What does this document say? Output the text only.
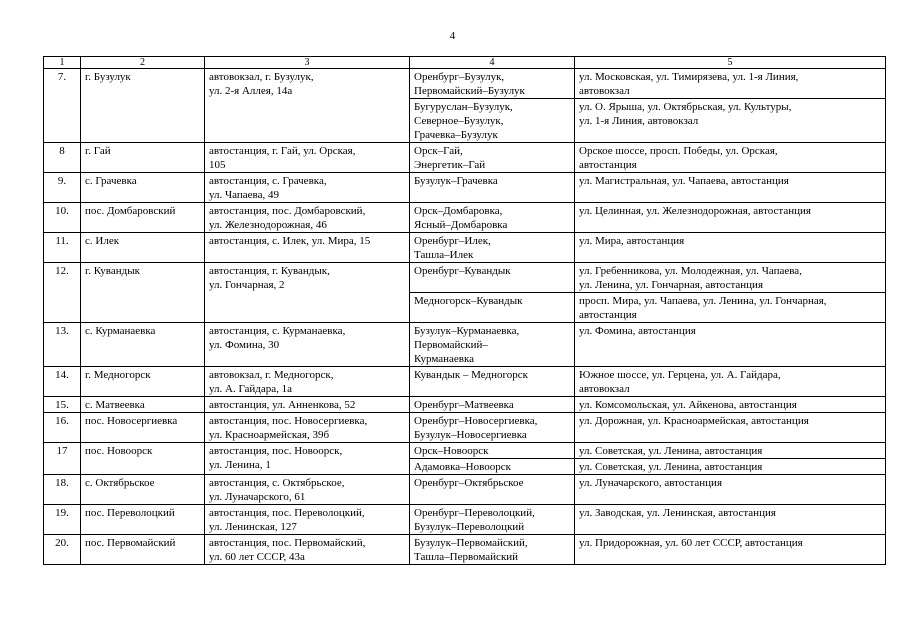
4
1	2	3	4	5
7.	г. Бузулук	автовокзал, г. Бузулук,
ул. 2-я Аллея, 14а	Оренбург–Бузулук,
Первомайский–Бузулук	ул. Московская, ул. Тимирязева, ул. 1-я Линия,
автовокзал

			Бугуруслан–Бузулук,
Северное–Бузулук,
Грачевка–Бузулук	ул. О. Ярыша, ул. Октябрьская, ул. Культуры,
ул. 1-я Линия, автовокзал

8	г. Гай	автостанция, г. Гай, ул. Орская,
105	Орск–Гай,
Энергетик–Гай	Орское шоссе, просп. Победы, ул. Орская,
автостанция

9.	с. Грачевка	автостанция, с. Грачевка,
ул. Чапаева, 49	Бузулук–Грачевка	ул. Магистральная, ул. Чапаева, автостанция

10.	пос. Домбаровский	автостанция, пос. Домбаровский,
ул. Железнодорожная, 46	Орск–Домбаровка,
Ясный–Домбаровка	ул. Целинная, ул. Железнодорожная, автостанция

11.	с. Илек	автостанция, с. Илек, ул. Мира, 15	Оренбург–Илек,
Ташла–Илек	ул. Мира, автостанция

12.	г. Кувандык	автостанция, г. Кувандык,
ул. Гончарная, 2	Оренбург–Кувандык	ул. Гребенникова, ул. Молодежная, ул. Чапаева,
ул. Ленина, ул. Гончарная, автостанция

			Медногорск–Кувандык	просп. Мира, ул. Чапаева, ул. Ленина, ул. Гончарная,
автостанция

13.	с. Курманаевка	автостанция, с. Курманаевка,
ул. Фомина, 30	Бузулук–Курманаевка,
Первомайский–
Курманаевка	ул. Фомина, автостанция

14.	г. Медногорск	автовокзал, г. Медногорск,
ул. А. Гайдара, 1а	Кувандык – Медногорск	Южное шоссе, ул. Герцена, ул. А. Гайдара,
автовокзал

15.	с. Матвеевка	автостанция, ул. Анненкова, 52	Оренбург–Матвеевка	ул. Комсомольская, ул. Айкенова, автостанция

16.	пос. Новосергиевка	автостанция, пос. Новосергиевка,
ул. Красноармейская, 39б	Оренбург–Новосергиевка,
Бузулук–Новосергиевка	ул. Дорожная, ул. Красноармейская, автостанция

17	пос. Новоорск	автостанция, пос. Новоорск,
ул. Ленина, 1	Орск–Новоорск	ул. Советская, ул. Ленина, автостанция

			Адамовка–Новоорск	ул. Советская, ул. Ленина, автостанция

18.	с. Октябрьское	автостанция, с. Октябрьское,
ул. Луначарского, 61	Оренбург–Октябрьское	ул. Луначарского, автостанция

19.	пос. Переволоцкий	автостанция, пос. Переволоцкий,
ул. Ленинская, 127	Оренбург–Переволоцкий,
Бузулук–Переволоцкий	ул. Заводская, ул. Ленинская, автостанция

20.	пос. Первомайский	автостанция, пос. Первомайский,
ул. 60 лет СССР, 43а	Бузулук–Первомайский,
Ташла–Первомайский	ул. Придорожная, ул. 60 лет СССР, автостанция
